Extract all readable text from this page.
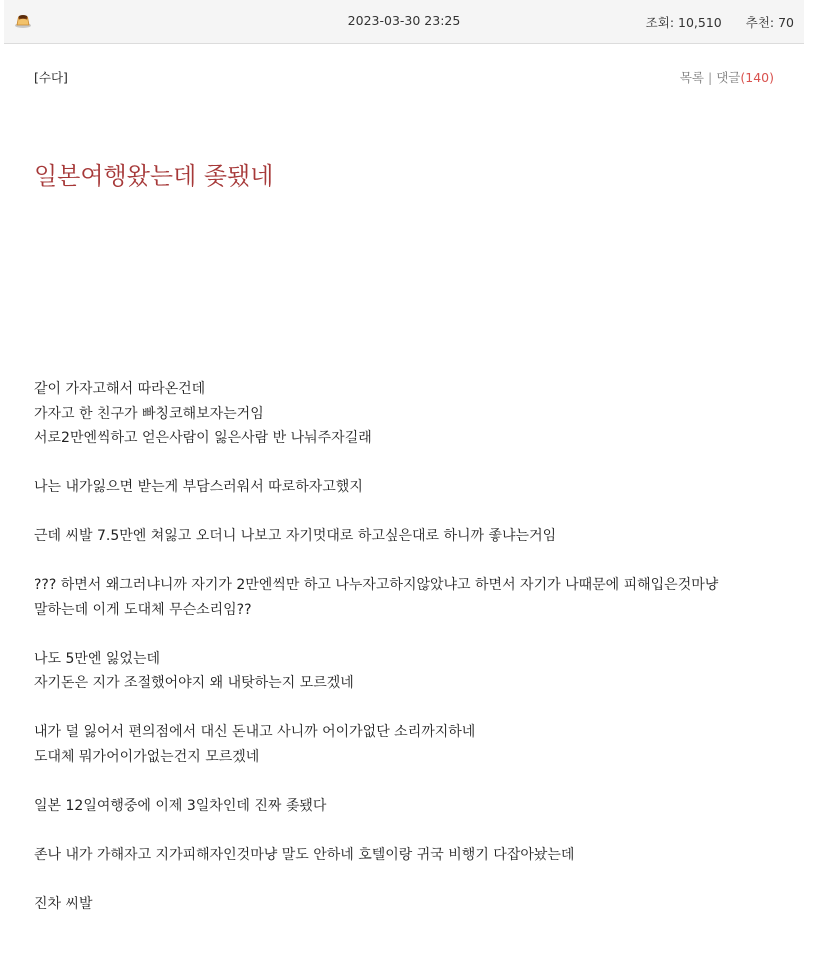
2023-03-30 23:25	조회: 10,510 추천: 70
[수다]	목록 | 댓글(140)
일본여행왔는데 좆됐네

같이 가자고해서 따라온건데
가자고 한 친구가 빠칭코해보자는거임
서로2만엔씩하고 얻은사람이 잃은사람 반 나눠주자길래

나는 내가잃으면 받는게 부담스러워서 따로하자고했지

근데 씨발 7.5만엔 쳐잃고 오더니 나보고 자기멋대로 하고싶은대로 하니까 좋냐는거임

??? 하면서 왜그러냐니까 자기가 2만엔씩만 하고 나누자고하지않았냐고 하면서 자기가 나때문에 피해입은것마냥
말하는데 이게 도대체 무슨소리임??

나도 5만엔 잃었는데
자기돈은 지가 조절했어야지 왜 내탓하는지 모르겠네

내가 덜 잃어서 편의점에서 대신 돈내고 사니까 어이가없단 소리까지하네
도대체 뭐가어이가없는건지 모르겠네

일본 12일여행중에 이제 3일차인데 진짜 좆됐다

존나 내가 가해자고 지가피해자인것마냥 말도 안하네 호텔이랑 귀국 비행기 다잡아놨는데

진차 씨발
